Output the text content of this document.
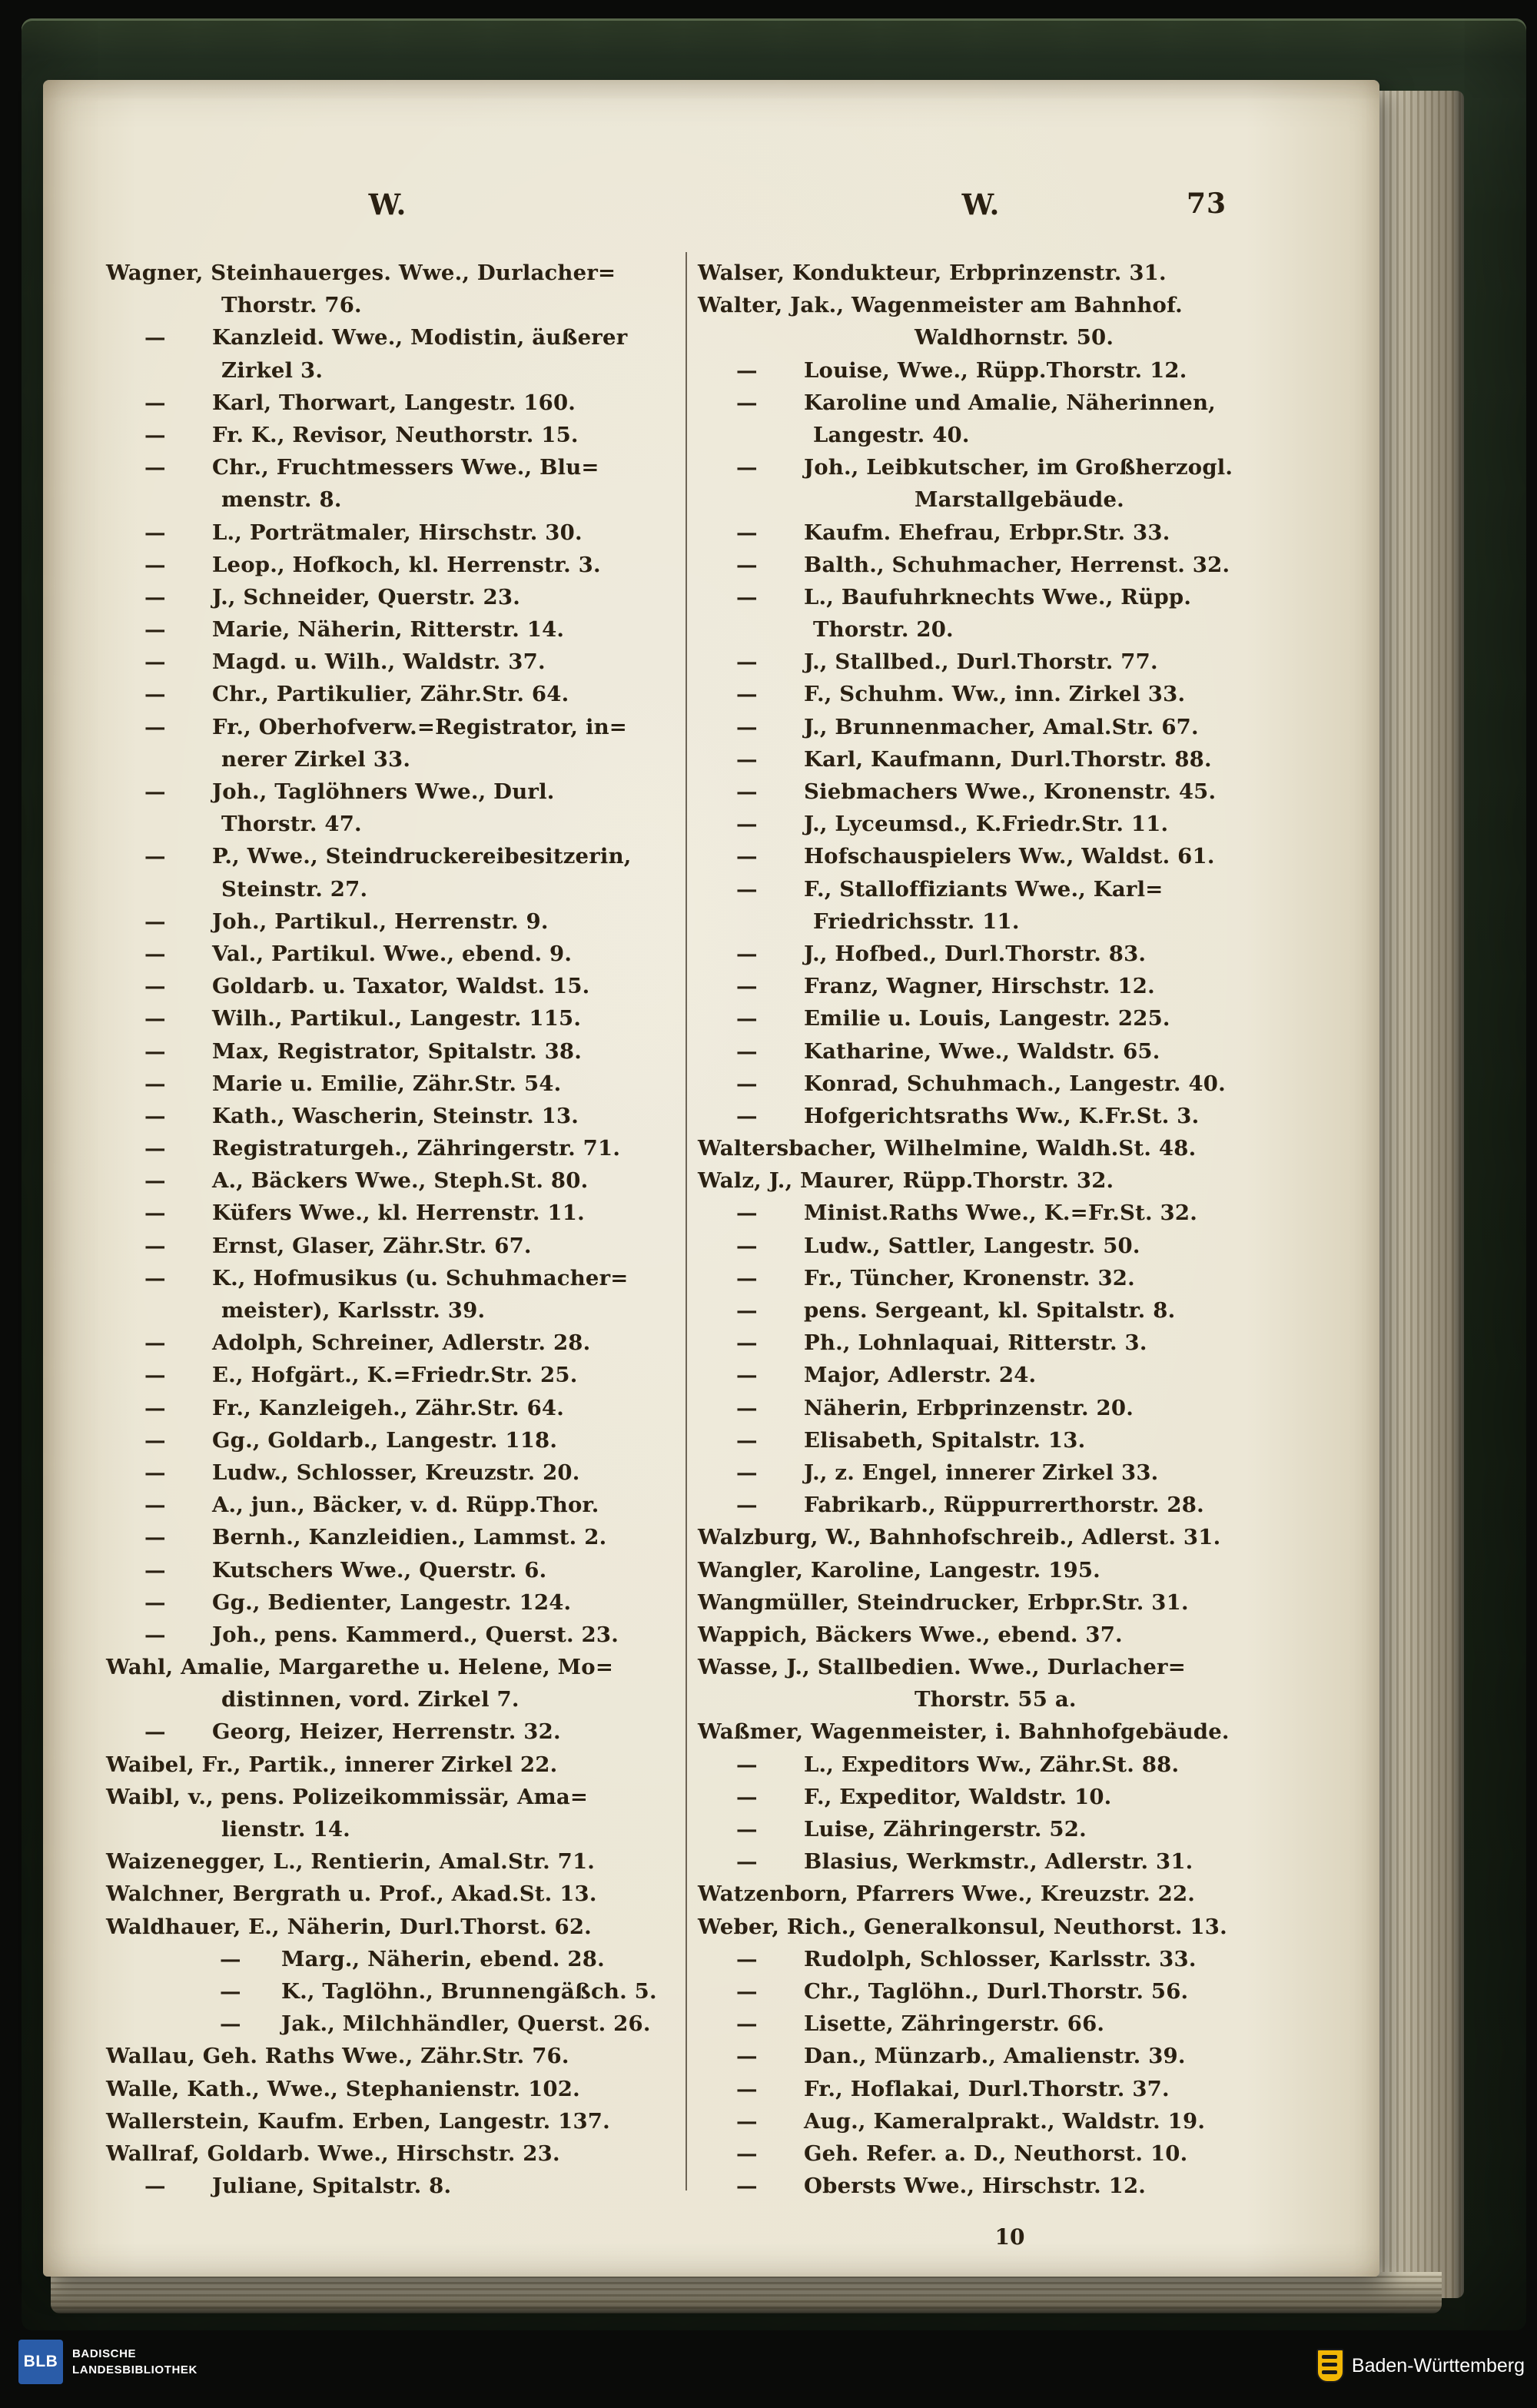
W.	W.	73
Wagner, Steinhauerges. Wwe., Durlacher=
Thorstr. 76.
— Kanzleid. Wwe., Modistin, äußerer
Zirkel 3.
— Karl, Thorwart, Langestr. 160.
— Fr. K., Revisor, Neuthorstr. 15.
— Chr., Fruchtmessers Wwe., Blu=
menstr. 8.
— L., Porträtmaler, Hirschstr. 30.
— Leop., Hofkoch, kl. Herrenstr. 3.
— J., Schneider, Querstr. 23.
— Marie, Näherin, Ritterstr. 14.
— Magd. u. Wilh., Waldstr. 37.
— Chr., Partikulier, Zähr.Str. 64.
— Fr., Oberhofverw.=Registrator, in=
nerer Zirkel 33.
— Joh., Taglöhners Wwe., Durl.
Thorstr. 47.
— P., Wwe., Steindruckereibesitzerin,
Steinstr. 27.
— Joh., Partikul., Herrenstr. 9.
— Val., Partikul. Wwe., ebend. 9.
— Goldarb. u. Taxator, Waldst. 15.
— Wilh., Partikul., Langestr. 115.
— Max, Registrator, Spitalstr. 38.
— Marie u. Emilie, Zähr.Str. 54.
— Kath., Wascherin, Steinstr. 13.
— Registraturgeh., Zähringerstr. 71.
— A., Bäckers Wwe., Steph.St. 80.
— Küfers Wwe., kl. Herrenstr. 11.
— Ernst, Glaser, Zähr.Str. 67.
— K., Hofmusikus (u. Schuhmacher=
meister), Karlsstr. 39.
— Adolph, Schreiner, Adlerstr. 28.
— E., Hofgärt., K.=Friedr.Str. 25.
— Fr., Kanzleigeh., Zähr.Str. 64.
— Gg., Goldarb., Langestr. 118.
— Ludw., Schlosser, Kreuzstr. 20.
— A., jun., Bäcker, v. d. Rüpp.Thor.
— Bernh., Kanzleidien., Lammst. 2.
— Kutschers Wwe., Querstr. 6.
— Gg., Bedienter, Langestr. 124.
— Joh., pens. Kammerd., Querst. 23.
Wahl, Amalie, Margarethe u. Helene, Mo=
distinnen, vord. Zirkel 7.
— Georg, Heizer, Herrenstr. 32.
Waibel, Fr., Partik., innerer Zirkel 22.
Waibl, v., pens. Polizeikommissär, Ama=
lienstr. 14.
Waizenegger, L., Rentierin, Amal.Str. 71.
Walchner, Bergrath u. Prof., Akad.St. 13.
Waldhauer, E., Näherin, Durl.Thorst. 62.
— Marg., Näherin, ebend. 28.
— K., Taglöhn., Brunnengäßch. 5.
— Jak., Milchhändler, Querst. 26.
Wallau, Geh. Raths Wwe., Zähr.Str. 76.
Walle, Kath., Wwe., Stephanienstr. 102.
Wallerstein, Kaufm. Erben, Langestr. 137.
Wallraf, Goldarb. Wwe., Hirschstr. 23.
— Juliane, Spitalstr. 8.
Walser, Kondukteur, Erbprinzenstr. 31.
Walter, Jak., Wagenmeister am Bahnhof.
Waldhornstr. 50.
— Louise, Wwe., Rüpp.Thorstr. 12.
— Karoline und Amalie, Näherinnen,
Langestr. 40.
— Joh., Leibkutscher, im Großherzogl.
Marstallgebäude.
— Kaufm. Ehefrau, Erbpr.Str. 33.
— Balth., Schuhmacher, Herrenst. 32.
— L., Baufuhrknechts Wwe., Rüpp.
Thorstr. 20.
— J., Stallbed., Durl.Thorstr. 77.
— F., Schuhm. Ww., inn. Zirkel 33.
— J., Brunnenmacher, Amal.Str. 67.
— Karl, Kaufmann, Durl.Thorstr. 88.
— Siebmachers Wwe., Kronenstr. 45.
— J., Lyceumsd., K.Friedr.Str. 11.
— Hofschauspielers Ww., Waldst. 61.
— F., Stalloffiziants Wwe., Karl=
Friedrichsstr. 11.
— J., Hofbed., Durl.Thorstr. 83.
— Franz, Wagner, Hirschstr. 12.
— Emilie u. Louis, Langestr. 225.
— Katharine, Wwe., Waldstr. 65.
— Konrad, Schuhmach., Langestr. 40.
— Hofgerichtsraths Ww., K.Fr.St. 3.
Waltersbacher, Wilhelmine, Waldh.St. 48.
Walz, J., Maurer, Rüpp.Thorstr. 32.
— Minist.Raths Wwe., K.=Fr.St. 32.
— Ludw., Sattler, Langestr. 50.
— Fr., Tüncher, Kronenstr. 32.
— pens. Sergeant, kl. Spitalstr. 8.
— Ph., Lohnlaquai, Ritterstr. 3.
— Major, Adlerstr. 24.
— Näherin, Erbprinzenstr. 20.
— Elisabeth, Spitalstr. 13.
— J., z. Engel, innerer Zirkel 33.
— Fabrikarb., Rüppurrerthorstr. 28.
Walzburg, W., Bahnhofschreib., Adlerst. 31.
Wangler, Karoline, Langestr. 195.
Wangmüller, Steindrucker, Erbpr.Str. 31.
Wappich, Bäckers Wwe., ebend. 37.
Wasse, J., Stallbedien. Wwe., Durlacher=
Thorstr. 55 a.
Waßmer, Wagenmeister, i. Bahnhofgebäude.
— L., Expeditors Ww., Zähr.St. 88.
— F., Expeditor, Waldstr. 10.
— Luise, Zähringerstr. 52.
— Blasius, Werkmstr., Adlerstr. 31.
Watzenborn, Pfarrers Wwe., Kreuzstr. 22.
Weber, Rich., Generalkonsul, Neuthorst. 13.
— Rudolph, Schlosser, Karlsstr. 33.
— Chr., Taglöhn., Durl.Thorstr. 56.
— Lisette, Zähringerstr. 66.
— Dan., Münzarb., Amalienstr. 39.
— Fr., Hoflakai, Durl.Thorstr. 37.
— Aug., Kameralprakt., Waldstr. 19.
— Geh. Refer. a. D., Neuthorst. 10.
— Obersts Wwe., Hirschstr. 12.
10
BLB	BADISCHE
LANDESBIBLIOTHEK	Baden-Württemberg
